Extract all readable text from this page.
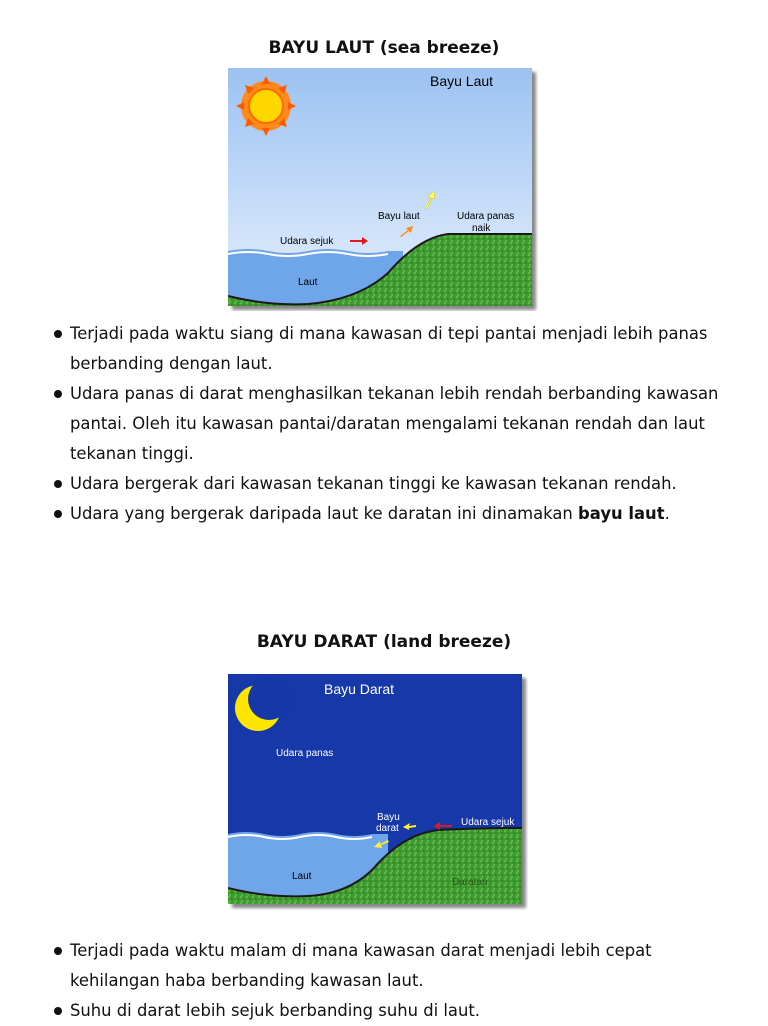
BAYU LAUT (sea breeze)
Bayu Laut
Bayu laut	Udara panas
naik
Udara sejuk
Laut
Terjadi pada waktu siang di mana kawasan di tepi pantai menjadi lebih panas berbanding dengan laut.
Udara panas di darat menghasilkan tekanan lebih rendah berbanding kawasan pantai. Oleh itu kawasan pantai/daratan mengalami tekanan rendah dan laut tekanan tinggi.
Udara bergerak dari kawasan tekanan tinggi ke kawasan tekanan rendah.
Udara yang bergerak daripada laut ke daratan ini dinamakan bayu laut.
BAYU DARAT (land breeze)
Bayu Darat
Udara panas
Bayu
darat
Udara sejuk
Laut
Daratan
Terjadi pada waktu malam di mana kawasan darat menjadi lebih cepat kehilangan haba berbanding kawasan laut.
Suhu di darat lebih sejuk berbanding suhu di laut.
